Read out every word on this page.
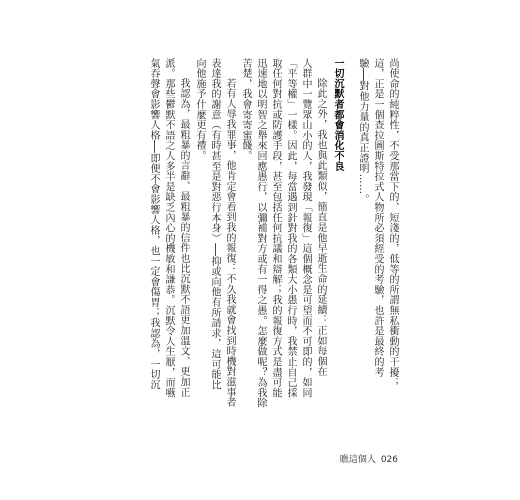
尚使命的純粹性，不受那當下的、短淺的，低等的所謂無私衝動的干擾；
這，正是一個查拉圖斯特拉式人物所必須經受的考驗，也許是最終的考
驗──對他力量的真正證明……。
一切沉默者都會消化不良
除此之外，我也與此類似，簡直是他早逝生命的延續：正如每個在
人群中一覽眾山小的人，我發現「報復」這個概念是可望而不可即的，如同
「平等權」一樣。因此，每當遇到針對我的各類大小愚行時，我禁止自己採
取任何對抗或防護手段，甚至包括任何抗議和辯解；我的報復方式是盡可能
迅速地以明智之舉來回應愚行，以彌補對方或有一得之愚。怎麼做呢？為我除
苦楚，我會寄寄蜜餞。
若有人辱我罪事，他肯定會看到我的報復：不久我就會找到時機對滋事者
表達我的謝意（有時甚至是對惡行本身）──抑或向他有所請求，這可能比
向他施予什麼更有禮。
我認為，最粗暴的言辭、最粗暴的信件也比沉默不語更加溫文、更加正
派。那些鬱默不語之人多半是缺乏內心的機敏和謙恭。沉默令人生厭，而嚥
氣吞聲會影響人格──即便不會影響人格，也一定會傷胃；我認為，一切沉
瞧這個人 026
